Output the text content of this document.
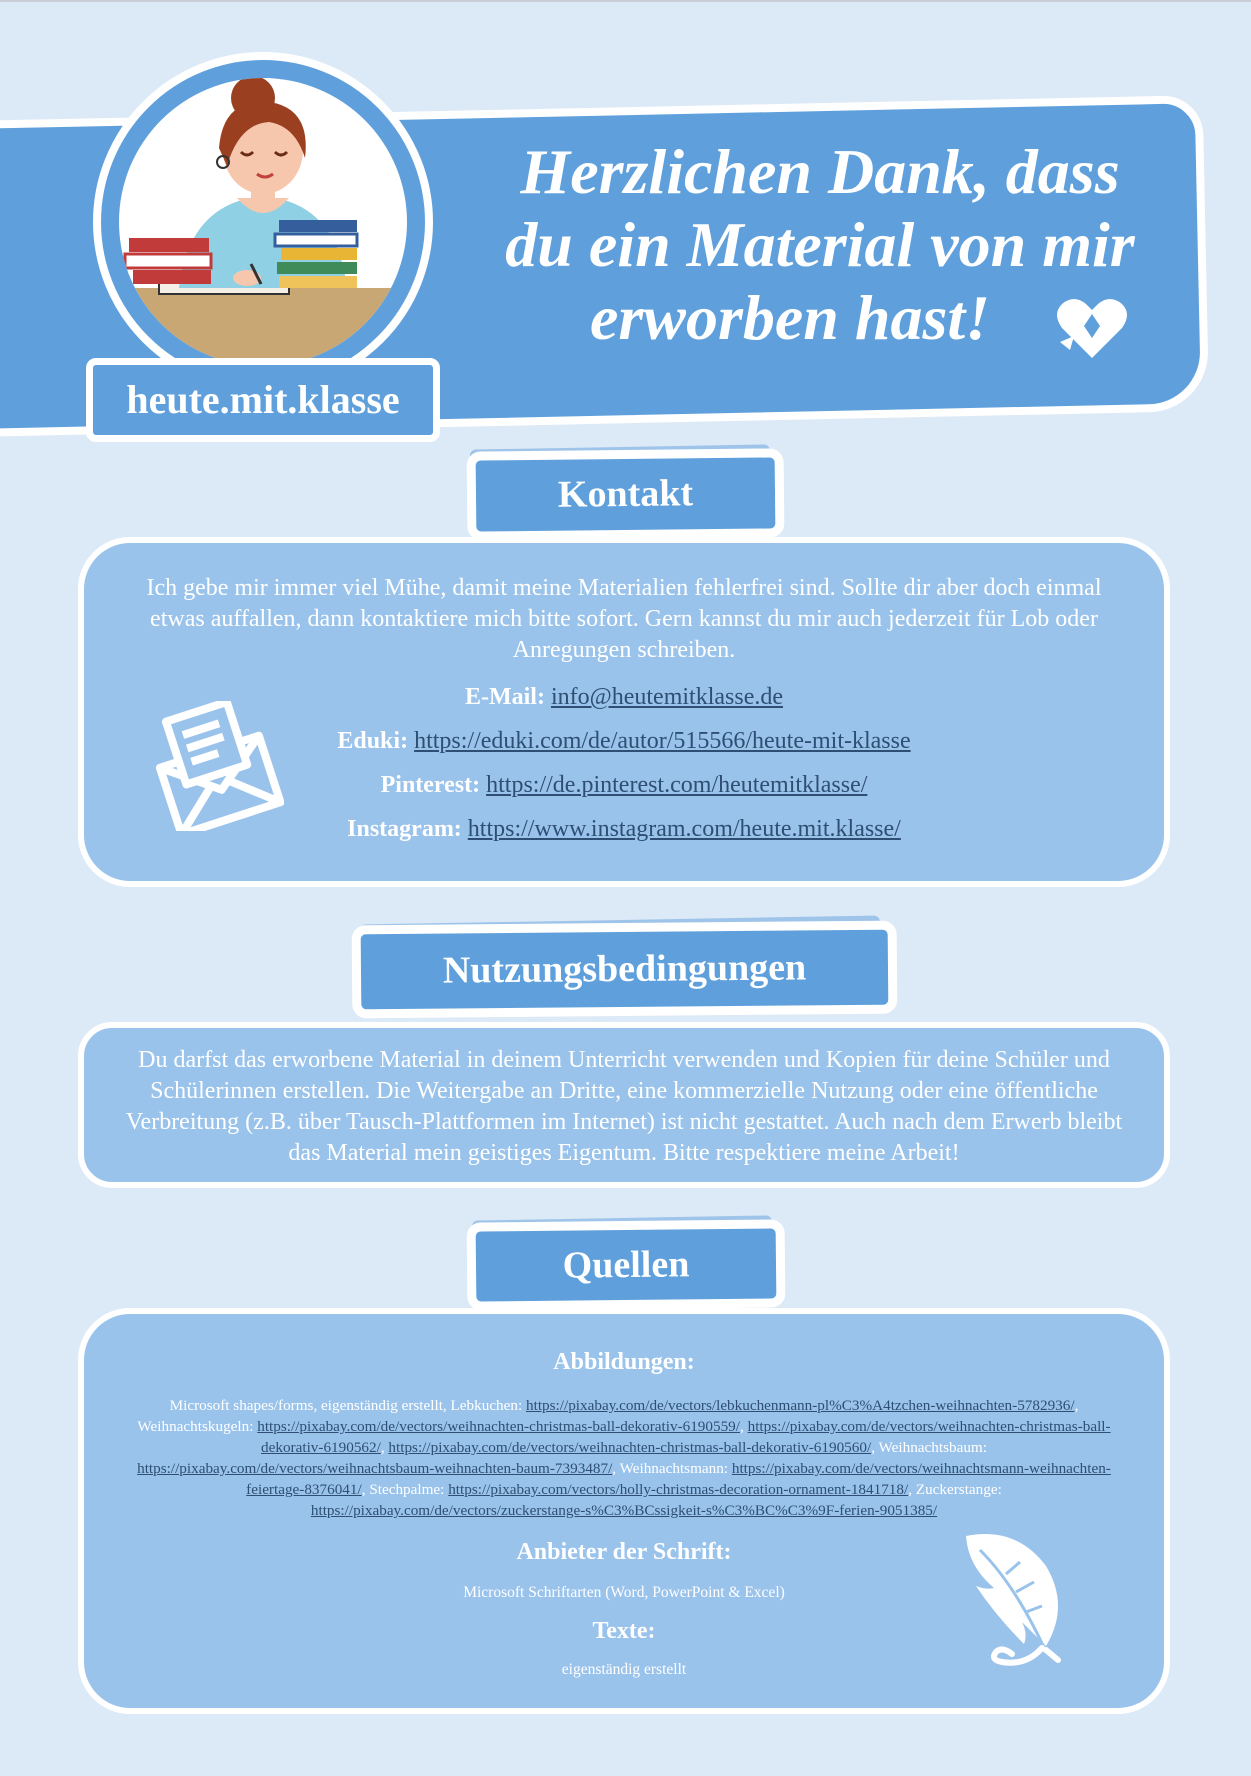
Herzlichen Dank, dass
du ein Material von mir
erworben hast!
heute.mit.klasse
Kontakt

Ich gebe mir immer viel Mühe, damit meine Materialien fehlerfrei sind. Sollte dir aber doch einmal etwas auffallen, dann kontaktiere mich bitte sofort. Gern kannst du mir auch jederzeit für Lob oder Anregungen schreiben.

E-Mail: info@heutemitklasse.de

Eduki: https://eduki.com/de/autor/515566/heute-mit-klasse

Pinterest: https://de.pinterest.com/heutemitklasse/

Instagram: https://www.instagram.com/heute.mit.klasse/

Nutzungsbedingungen

Du darfst das erworbene Material in deinem Unterricht verwenden und Kopien für deine Schüler und Schülerinnen erstellen. Die Weitergabe an Dritte, eine kommerzielle Nutzung oder eine öffentliche Verbreitung (z.B. über Tausch-Plattformen im Internet) ist nicht gestattet. Auch nach dem Erwerb bleibt das Material mein geistiges Eigentum. Bitte respektiere meine Arbeit!

Quellen

Abbildungen:

Microsoft shapes/forms, eigenständig erstellt, Lebkuchen: https://pixabay.com/de/vectors/lebkuchenmann-pl%C3%A4tzchen-weihnachten-5782936/, Weihnachtskugeln: https://pixabay.com/de/vectors/weihnachten-christmas-ball-dekorativ-6190559/, https://pixabay.com/de/vectors/weihnachten-christmas-ball-dekorativ-6190562/, https://pixabay.com/de/vectors/weihnachten-christmas-ball-dekorativ-6190560/, Weihnachtsbaum: https://pixabay.com/de/vectors/weihnachtsbaum-weihnachten-baum-7393487/, Weihnachtsmann: https://pixabay.com/de/vectors/weihnachtsmann-weihnachten-feiertage-8376041/, Stechpalme: https://pixabay.com/vectors/holly-christmas-decoration-ornament-1841718/, Zuckerstange: https://pixabay.com/de/vectors/zuckerstange-s%C3%BCssigkeit-s%C3%BC%C3%9F-ferien-9051385/

Anbieter der Schrift:

Microsoft Schriftarten (Word, PowerPoint & Excel)

Texte:

eigenständig erstellt
